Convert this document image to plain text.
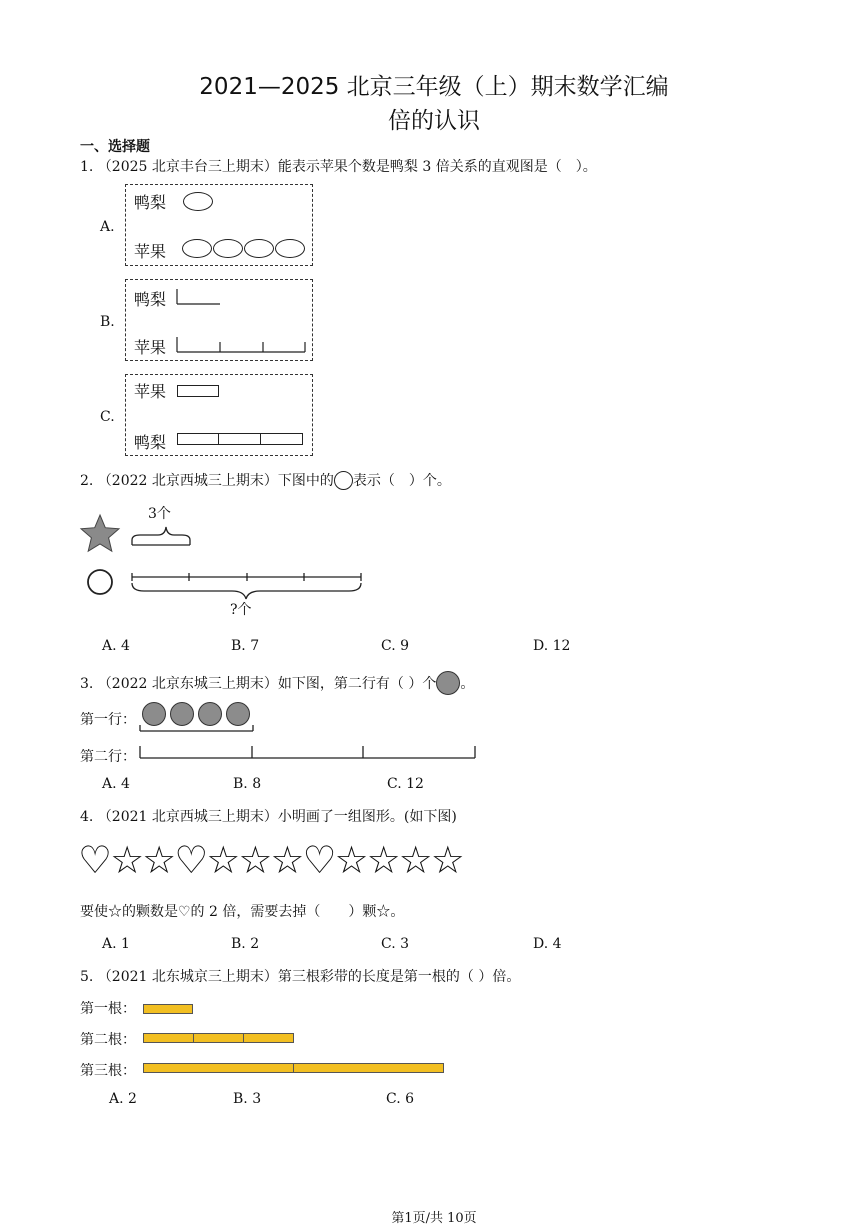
2021—2025 北京三年级（上）期末数学汇编
倍的认识
一、选择题
1. （2025 北京丰台三上期末）能表示苹果个数是鸭梨 3 倍关系的直观图是（　）。
A.
鸭梨
苹果
B.
鸭梨
苹果
C.
苹果
鸭梨
2. （2022 北京西城三上期末）下图中的 表示（　）个。
3个
?个
A. 4	B. 7	C. 9	D. 12
3. （2022 北京东城三上期末）如下图，第二行有（ ）个 。
第一行：
第二行：
A. 4	B. 8	C. 12
4. （2021 北京西城三上期末）小明画了一组图形。(如下图)
♡☆☆♡☆☆☆♡☆☆☆☆
要使☆的颗数是♡的 2 倍，需要去掉（　　）颗☆。
A. 1	B. 2	C. 3	D. 4
5. （2021 北东城京三上期末）第三根彩带的长度是第一根的（ ）倍。
第一根：
第二根：
第三根：
A. 2	B. 3	C. 6
第1页/共 10页
